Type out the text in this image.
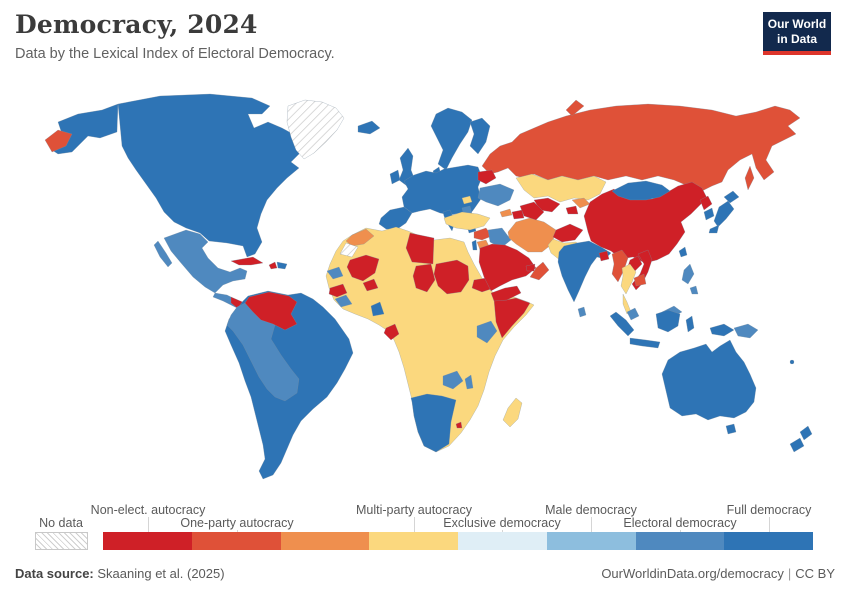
Democracy, 2024
Data by the Lexical Index of Electoral Democracy.
Our World
in Data
No data
Non-elect. autocracy
One-party autocracy
Multi-party autocracy
Exclusive democracy
Male democracy
Electoral democracy
Full democracy
Data source: Skaaning et al. (2025)	OurWorldinData.org/democracy | CC BY
